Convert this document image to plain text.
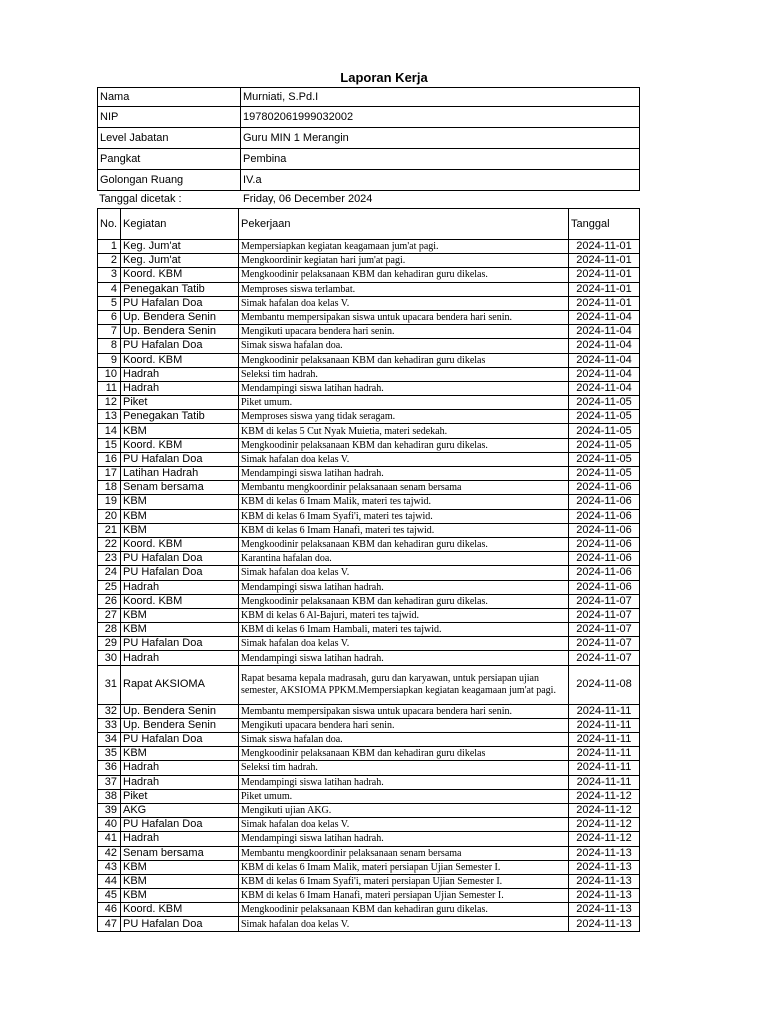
Laporan Kerja
Nama	Murniati, S.Pd.I
NIP	197802061999032002
Level Jabatan	Guru MIN 1 Merangin
Pangkat	Pembina
Golongan Ruang	IV.a
Tanggal dicetak :	Friday, 06 December 2024
No.	Kegiatan	Pekerjaan	Tanggal
1	Keg. Jum'at	Mempersiapkan kegiatan keagamaan jum'at pagi.	2024-11-01
2	Keg. Jum'at	Mengkoordinir kegiatan hari jum'at pagi.	2024-11-01
3	Koord. KBM	Mengkoodinir pelaksanaan KBM dan kehadiran guru dikelas.	2024-11-01
4	Penegakan Tatib	Memproses siswa terlambat.	2024-11-01
5	PU Hafalan Doa	Simak hafalan doa kelas V.	2024-11-01
6	Up. Bendera Senin	Membantu mempersipakan siswa untuk upacara bendera hari senin.	2024-11-04
7	Up. Bendera Senin	Mengikuti upacara bendera hari senin.	2024-11-04
8	PU Hafalan Doa	Simak siswa hafalan doa.	2024-11-04
9	Koord. KBM	Mengkoodinir pelaksanaan KBM dan kehadiran guru dikelas	2024-11-04
10	Hadrah	Seleksi tim hadrah.	2024-11-04
11	Hadrah	Mendampingi siswa latihan hadrah.	2024-11-04
12	Piket	Piket umum.	2024-11-05
13	Penegakan Tatib	Memproses siswa yang tidak seragam.	2024-11-05
14	KBM	KBM di kelas 5 Cut Nyak Muietia, materi sedekah.	2024-11-05
15	Koord. KBM	Mengkoodinir pelaksanaan KBM dan kehadiran guru dikelas.	2024-11-05
16	PU Hafalan Doa	Simak hafalan doa kelas V.	2024-11-05
17	Latihan Hadrah	Mendampingi siswa latihan hadrah.	2024-11-05
18	Senam bersama	Membantu mengkoordinir pelaksanaan senam bersama	2024-11-06
19	KBM	KBM di kelas 6 Imam Malik, materi tes tajwid.	2024-11-06
20	KBM	KBM di kelas 6 Imam Syafi'i, materi tes tajwid.	2024-11-06
21	KBM	KBM di kelas 6 Imam Hanafi, materi tes tajwid.	2024-11-06
22	Koord. KBM	Mengkoodinir pelaksanaan KBM dan kehadiran guru dikelas.	2024-11-06
23	PU Hafalan Doa	Karantina hafalan doa.	2024-11-06
24	PU Hafalan Doa	Simak hafalan doa kelas V.	2024-11-06
25	Hadrah	Mendampingi siswa latihan hadrah.	2024-11-06
26	Koord. KBM	Mengkoodinir pelaksanaan KBM dan kehadiran guru dikelas.	2024-11-07
27	KBM	KBM di kelas 6 Al-Bajuri, materi tes tajwid.	2024-11-07
28	KBM	KBM di kelas 6 Imam Hambali, materi tes tajwid.	2024-11-07
29	PU Hafalan Doa	Simak hafalan doa kelas V.	2024-11-07
30	Hadrah	Mendampingi siswa latihan hadrah.	2024-11-07
31	Rapat AKSIOMA	Rapat besama kepala madrasah, guru dan karyawan, untuk persiapan ujian semester, AKSIOMA PPKM.Mempersiapkan kegiatan keagamaan jum'at pagi.	2024-11-08
32	Up. Bendera Senin	Membantu mempersipakan siswa untuk upacara bendera hari senin.	2024-11-11
33	Up. Bendera Senin	Mengikuti upacara bendera hari senin.	2024-11-11
34	PU Hafalan Doa	Simak siswa hafalan doa.	2024-11-11
35	KBM	Mengkoodinir pelaksanaan KBM dan kehadiran guru dikelas	2024-11-11
36	Hadrah	Seleksi tim hadrah.	2024-11-11
37	Hadrah	Mendampingi siswa latihan hadrah.	2024-11-11
38	Piket	Piket umum.	2024-11-12
39	AKG	Mengikuti ujian AKG.	2024-11-12
40	PU Hafalan Doa	Simak hafalan doa kelas V.	2024-11-12
41	Hadrah	Mendampingi siswa latihan hadrah.	2024-11-12
42	Senam bersama	Membantu mengkoordinir pelaksanaan senam bersama	2024-11-13
43	KBM	KBM di kelas 6 Imam Malik, materi persiapan Ujian Semester I.	2024-11-13
44	KBM	KBM di kelas 6 Imam Syafi'i, materi persiapan Ujian Semester I.	2024-11-13
45	KBM	KBM di kelas 6 Imam Hanafi, materi persiapan Ujian Semester I.	2024-11-13
46	Koord. KBM	Mengkoodinir pelaksanaan KBM dan kehadiran guru dikelas.	2024-11-13
47	PU Hafalan Doa	Simak hafalan doa kelas V.	2024-11-13
